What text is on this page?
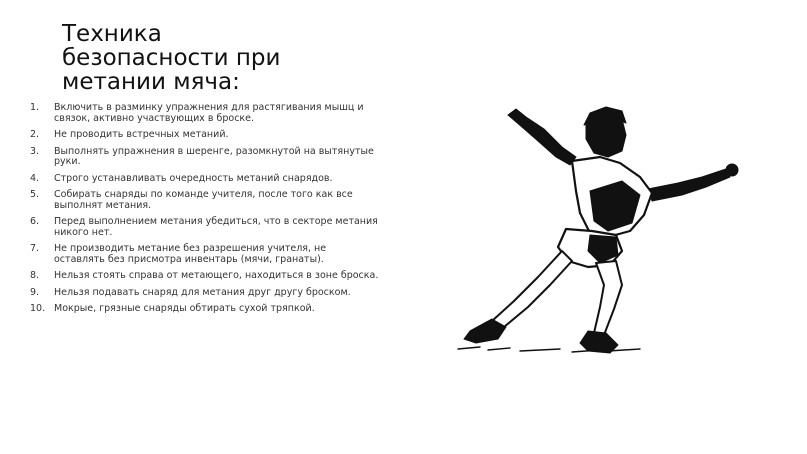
Техника
безопасности при
метании мяча:
1.	Включить в разминку упражнения для растягивания мышц и связок, активно участвующих в броске.
2.	Не проводить встречных метаний.
3.	Выполнять упражнения в шеренге, разомкнутой на вытянутые руки.
4.	Строго устанавливать очередность метаний снарядов.
5.	Собирать снаряды по команде учителя, после того как все выполнят метания.
6.	Перед выполнением метания убедиться, что в секторе метания никого нет.
7.	Не производить метание без разрешения учителя, не оставлять без присмотра инвентарь (мячи, гранаты).
8.	Нельзя стоять справа от метающего, находиться в зоне броска.
9.	Нельзя подавать снаряд для метания друг другу броском.
10. Мокрые, грязные снаряды обтирать сухой тряпкой.
